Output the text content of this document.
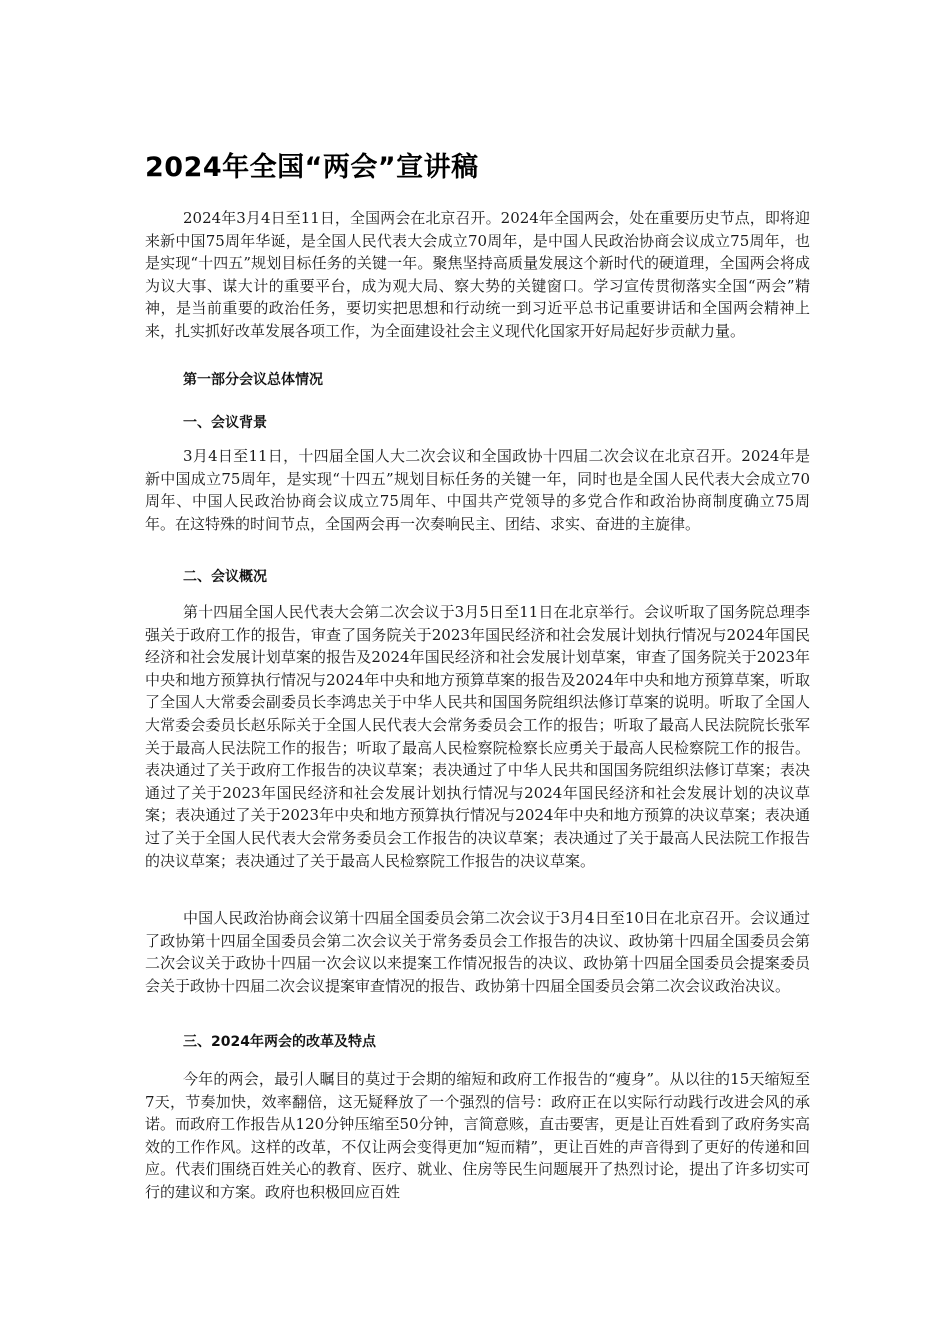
2024年全国“两会”宣讲稿

2024年3月4日至11日，全国两会在北京召开。2024年全国两会，处在重要历史节点，即将迎来新中国75周年华诞，是全国人民代表大会成立70周年，是中国人民政治协商会议成立75周年，也是实现“十四五”规划目标任务的关键一年。聚焦坚持高质量发展这个新时代的硬道理，全国两会将成为议大事、谋大计的重要平台，成为观大局、察大势的关键窗口。学习宣传贯彻落实全国“两会”精神，是当前重要的政治任务，要切实把思想和行动统一到习近平总书记重要讲话和全国两会精神上来，扎实抓好改革发展各项工作，为全面建设社会主义现代化国家开好局起好步贡献力量。

第一部分会议总体情况
一、会议背景

3月4日至11日，十四届全国人大二次会议和全国政协十四届二次会议在北京召开。2024年是新中国成立75周年，是实现“十四五”规划目标任务的关键一年，同时也是全国人民代表大会成立70周年、中国人民政治协商会议成立75周年、中国共产党领导的多党合作和政治协商制度确立75周年。在这特殊的时间节点，全国两会再一次奏响民主、团结、求实、奋进的主旋律。

二、会议概况

第十四届全国人民代表大会第二次会议于3月5日至11日在北京举行。会议听取了国务院总理李强关于政府工作的报告，审查了国务院关于2023年国民经济和社会发展计划执行情况与2024年国民经济和社会发展计划草案的报告及2024年国民经济和社会发展计划草案，审查了国务院关于2023年中央和地方预算执行情况与2024年中央和地方预算草案的报告及2024年中央和地方预算草案，听取了全国人大常委会副委员长李鸿忠关于中华人民共和国国务院组织法修订草案的说明。听取了全国人大常委会委员长赵乐际关于全国人民代表大会常务委员会工作的报告；听取了最高人民法院院长张军关于最高人民法院工作的报告；听取了最高人民检察院检察长应勇关于最高人民检察院工作的报告。表决通过了关于政府工作报告的决议草案；表决通过了中华人民共和国国务院组织法修订草案；表决通过了关于2023年国民经济和社会发展计划执行情况与2024年国民经济和社会发展计划的决议草案；表决通过了关于2023年中央和地方预算执行情况与2024年中央和地方预算的决议草案；表决通过了关于全国人民代表大会常务委员会工作报告的决议草案；表决通过了关于最高人民法院工作报告的决议草案；表决通过了关于最高人民检察院工作报告的决议草案。

中国人民政治协商会议第十四届全国委员会第二次会议于3月4日至10日在北京召开。会议通过了政协第十四届全国委员会第二次会议关于常务委员会工作报告的决议、政协第十四届全国委员会第二次会议关于政协十四届一次会议以来提案工作情况报告的决议、政协第十四届全国委员会提案委员会关于政协十四届二次会议提案审查情况的报告、政协第十四届全国委员会第二次会议政治决议。

三、2024年两会的改革及特点

今年的两会，最引人瞩目的莫过于会期的缩短和政府工作报告的“瘦身”。从以往的15天缩短至7天，节奏加快，效率翻倍，这无疑释放了一个强烈的信号：政府正在以实际行动践行改进会风的承诺。而政府工作报告从120分钟压缩至50分钟，言简意赅，直击要害，更是让百姓看到了政府务实高效的工作作风。这样的改革，不仅让两会变得更加“短而精”，更让百姓的声音得到了更好的传递和回应。代表们围绕百姓关心的教育、医疗、就业、住房等民生问题展开了热烈讨论，提出了许多切实可行的建议和方案。政府也积极回应百姓
